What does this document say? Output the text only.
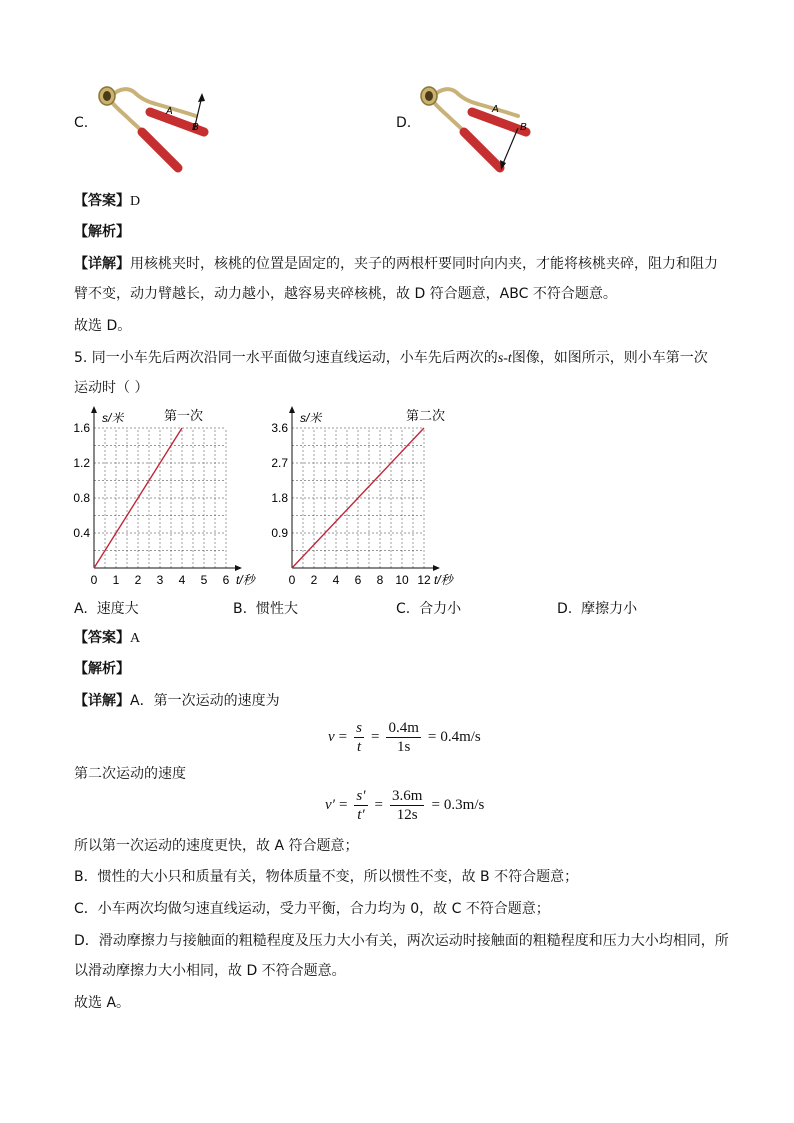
C.
A
B	D.
A
B
【答案】D
【解析】
【详解】用核桃夹时，核桃的位置是固定的，夹子的两根杆要同时向内夹，才能将核桃夹碎，阻力和阻力
臂不变，动力臂越长，动力越小，越容易夹碎核桃，故 D 符合题意，ABC 不符合题意。
故选 D。
5. 同一小车先后两次沿同一水平面做匀速直线运动，小车先后两次的s-t图像，如图所示，则小车第一次
运动时（ ）
0 1 2 3 4 5 6
0.4
0.8
1.2
1.6
t/秒
s/米	第一次
0 2 4 6 8 10 12
0.9
1.8
2.7
3.6
t/秒
s/米	第二次
A. 速度大	B. 惯性大	C. 合力小	D. 摩擦力小
【答案】A
【解析】
【详解】A．第一次运动的速度为
$v = \frac{s}{t} = \frac{0.4m}{1s} = 0.4m/s$
第二次运动的速度
$v' = \frac{s'}{t'} = \frac{3.6m}{12s} = 0.3m/s$
所以第一次运动的速度更快，故 A 符合题意；
B．惯性的大小只和质量有关，物体质量不变，所以惯性不变，故 B 不符合题意；
C．小车两次均做匀速直线运动，受力平衡，合力均为 0，故 C 不符合题意；
D．滑动摩擦力与接触面的粗糙程度及压力大小有关，两次运动时接触面的粗糙程度和压力大小均相同，所
以滑动摩擦力大小相同，故 D 不符合题意。
故选 A。
